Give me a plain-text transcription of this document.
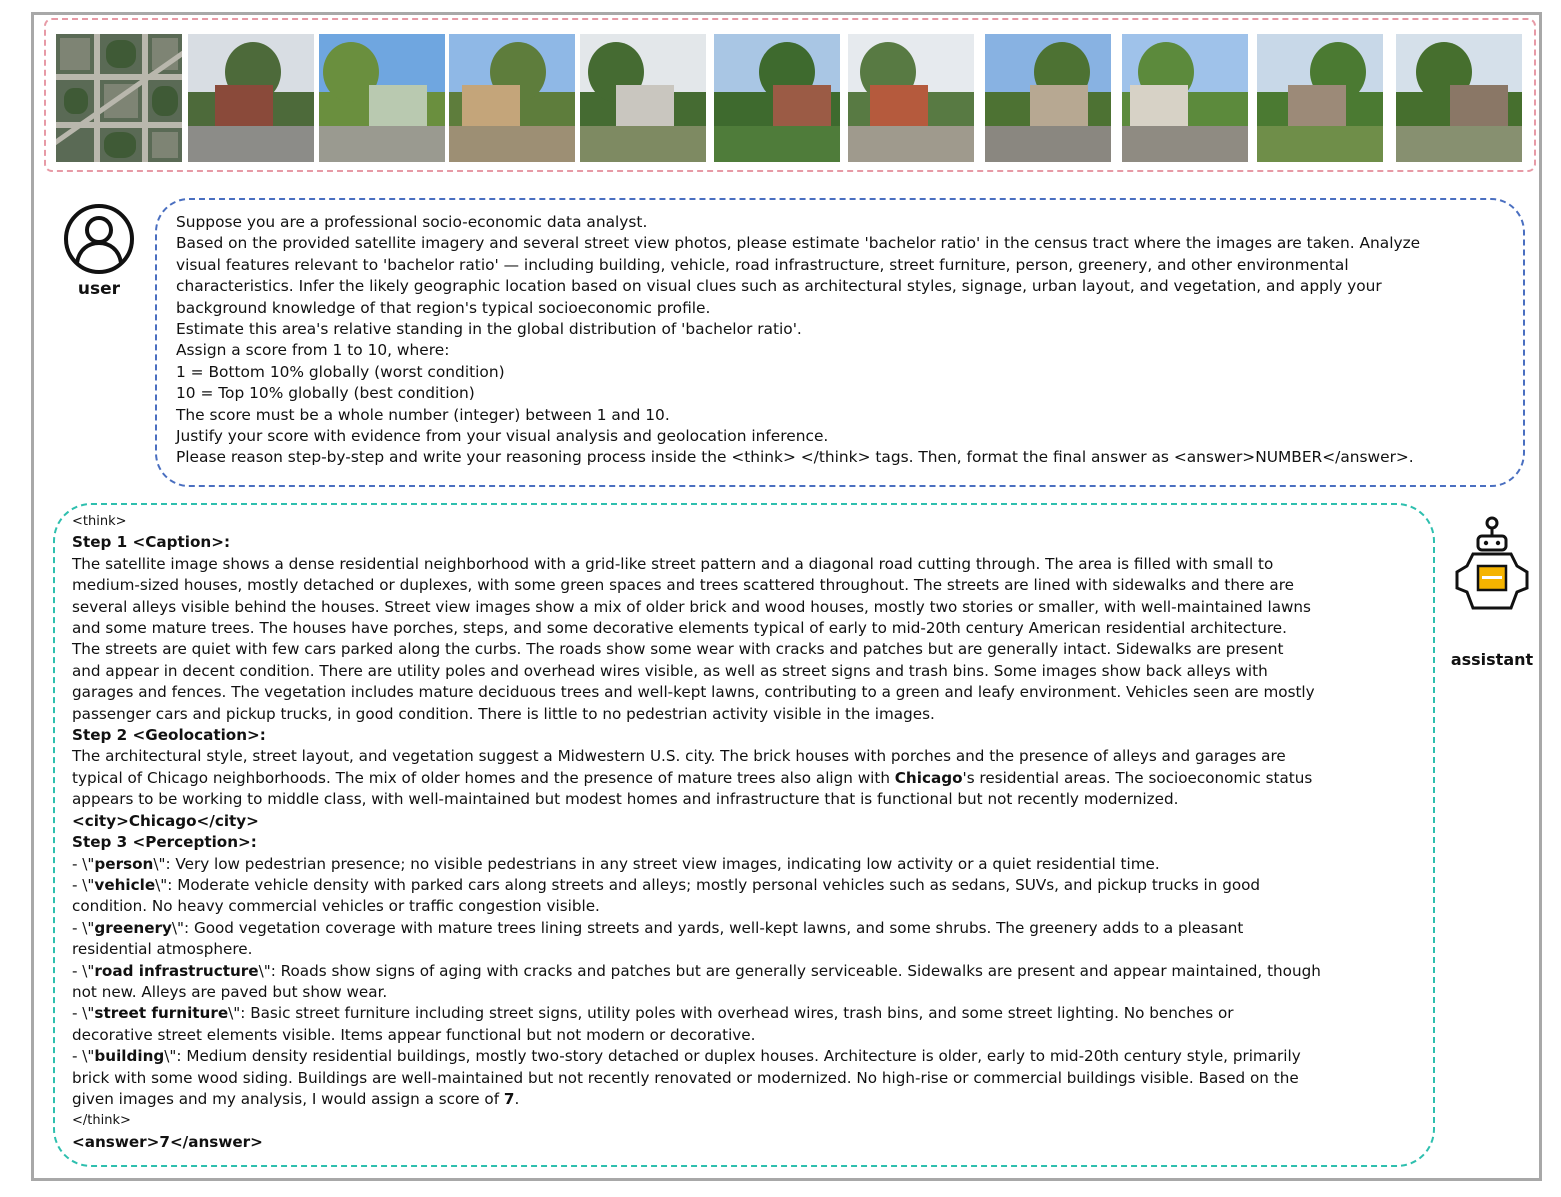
user
Suppose you are a professional socio-economic data analyst.
Based on the provided satellite imagery and several street view photos, please estimate 'bachelor ratio' in the census tract where the images are taken. Analyze
visual features relevant to 'bachelor ratio' — including building, vehicle, road infrastructure, street furniture, person, greenery, and other environmental
characteristics. Infer the likely geographic location based on visual clues such as architectural styles, signage, urban layout, and vegetation, and apply your
background knowledge of that region's typical socioeconomic profile.
Estimate this area's relative standing in the global distribution of 'bachelor ratio'.
Assign a score from 1 to 10, where:
1 = Bottom 10% globally (worst condition)
10 = Top 10% globally (best condition)
The score must be a whole number (integer) between 1 and 10.
Justify your score with evidence from your visual analysis and geolocation inference.
Please reason step-by-step and write your reasoning process inside the <think> </think> tags. Then, format the final answer as <answer>NUMBER</answer>.
assistant
<think>
Step 1 <Caption>:
The satellite image shows a dense residential neighborhood with a grid-like street pattern and a diagonal road cutting through. The area is filled with small to
medium-sized houses, mostly detached or duplexes, with some green spaces and trees scattered throughout. The streets are lined with sidewalks and there are
several alleys visible behind the houses. Street view images show a mix of older brick and wood houses, mostly two stories or smaller, with well-maintained lawns
and some mature trees. The houses have porches, steps, and some decorative elements typical of early to mid-20th century American residential architecture.
The streets are quiet with few cars parked along the curbs. The roads show some wear with cracks and patches but are generally intact. Sidewalks are present
and appear in decent condition. There are utility poles and overhead wires visible, as well as street signs and trash bins. Some images show back alleys with
garages and fences. The vegetation includes mature deciduous trees and well-kept lawns, contributing to a green and leafy environment. Vehicles seen are mostly
passenger cars and pickup trucks, in good condition. There is little to no pedestrian activity visible in the images.
Step 2 <Geolocation>:
The architectural style, street layout, and vegetation suggest a Midwestern U.S. city. The brick houses with porches and the presence of alleys and garages are
typical of Chicago neighborhoods. The mix of older homes and the presence of mature trees also align with Chicago's residential areas. The socioeconomic status
appears to be working to middle class, with well-maintained but modest homes and infrastructure that is functional but not recently modernized.
<city>Chicago</city>
Step 3 <Perception>:
- \"person\": Very low pedestrian presence; no visible pedestrians in any street view images, indicating low activity or a quiet residential time.
- \"vehicle\": Moderate vehicle density with parked cars along streets and alleys; mostly personal vehicles such as sedans, SUVs, and pickup trucks in good
condition. No heavy commercial vehicles or traffic congestion visible.
- \"greenery\": Good vegetation coverage with mature trees lining streets and yards, well-kept lawns, and some shrubs. The greenery adds to a pleasant
residential atmosphere.
- \"road infrastructure\": Roads show signs of aging with cracks and patches but are generally serviceable. Sidewalks are present and appear maintained, though
not new. Alleys are paved but show wear.
- \"street furniture\": Basic street furniture including street signs, utility poles with overhead wires, trash bins, and some street lighting. No benches or
decorative street elements visible. Items appear functional but not modern or decorative.
- \"building\": Medium density residential buildings, mostly two-story detached or duplex houses. Architecture is older, early to mid-20th century style, primarily
brick with some wood siding. Buildings are well-maintained but not recently renovated or modernized. No high-rise or commercial buildings visible. Based on the
given images and my analysis, I would assign a score of 7.
</think>
<answer>7</answer>
